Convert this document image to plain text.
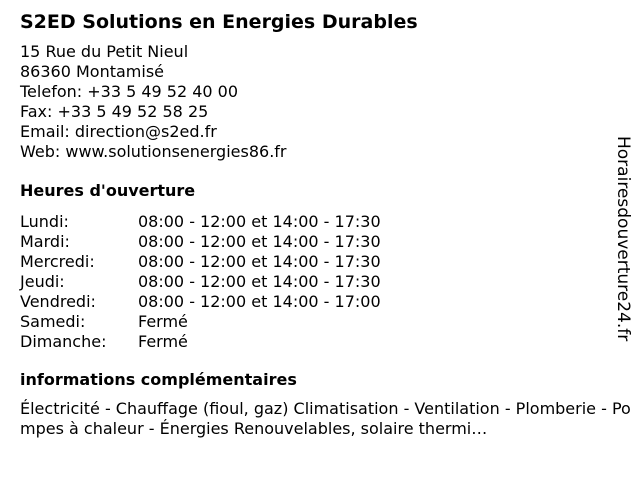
S2ED Solutions en Energies Durables
15 Rue du Petit Nieul
86360 Montamisé
Telefon: +33 5 49 52 40 00
Fax: +33 5 49 52 58 25
Email: direction@s2ed.fr
Web: www.solutionsenergies86.fr
Heures d'ouverture
Lundi:	08:00 - 12:00 et 14:00 - 17:30
Mardi:	08:00 - 12:00 et 14:00 - 17:30
Mercredi:	08:00 - 12:00 et 14:00 - 17:30
Jeudi:	08:00 - 12:00 et 14:00 - 17:30
Vendredi:	08:00 - 12:00 et 14:00 - 17:00
Samedi:	Fermé
Dimanche:	Fermé
informations complémentaires
Électricité - Chauffage (fioul, gaz) Climatisation - Ventilation - Plomberie - Pompes à chaleur - Énergies Renouvelables, solaire thermi…
Horairesdouverture24.fr
